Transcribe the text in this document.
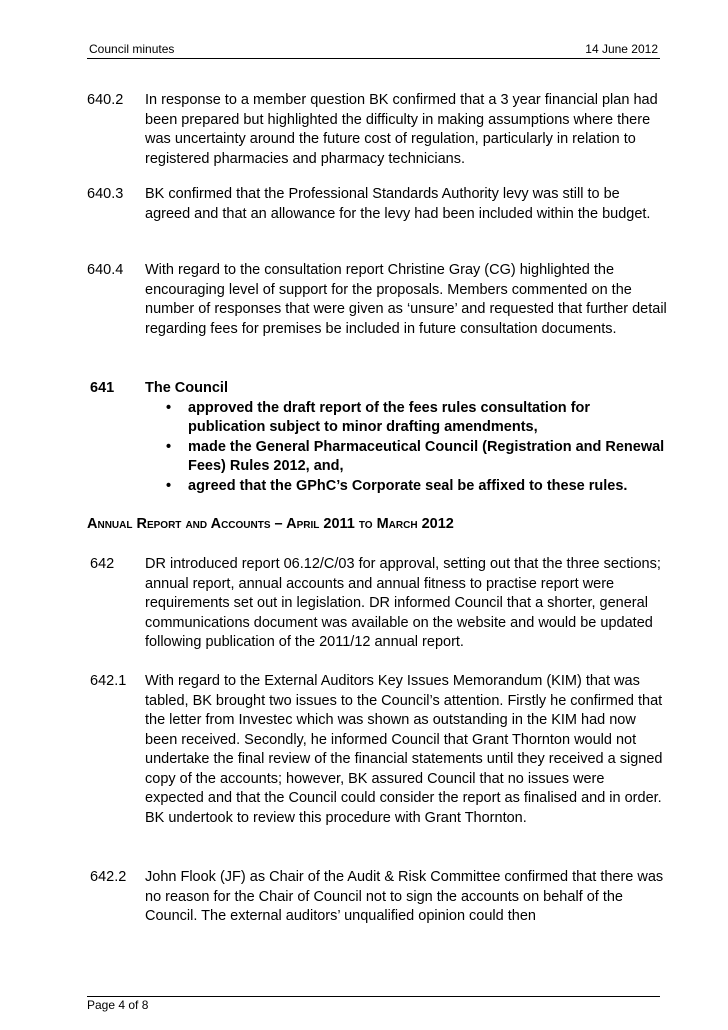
Council minutes	14 June 2012
640.2 In response to a member question BK confirmed that a 3 year financial plan had been prepared but highlighted the difficulty in making assumptions where there was uncertainty around the future cost of regulation, particularly in relation to registered pharmacies and pharmacy technicians.
640.3 BK confirmed that the Professional Standards Authority levy was still to be agreed and that an allowance for the levy had been included within the budget.
640.4 With regard to the consultation report Christine Gray (CG) highlighted the encouraging level of support for the proposals. Members commented on the number of responses that were given as ‘unsure’ and requested that further detail regarding fees for premises be included in future consultation documents.
641 The Council
• approved the draft report of the fees rules consultation for publication subject to minor drafting amendments,
• made the General Pharmaceutical Council (Registration and Renewal Fees) Rules 2012, and,
• agreed that the GPhC’s Corporate seal be affixed to these rules.
Annual Report and Accounts – April 2011 to March 2012
642 DR introduced report 06.12/C/03 for approval, setting out that the three sections; annual report, annual accounts and annual fitness to practise report were requirements set out in legislation. DR informed Council that a shorter, general communications document was available on the website and would be updated following publication of the 2011/12 annual report.
642.1 With regard to the External Auditors Key Issues Memorandum (KIM) that was tabled, BK brought two issues to the Council’s attention. Firstly he confirmed that the letter from Investec which was shown as outstanding in the KIM had now been received. Secondly, he informed Council that Grant Thornton would not undertake the final review of the financial statements until they received a signed copy of the accounts; however, BK assured Council that no issues were expected and that the Council could consider the report as finalised and in order. BK undertook to review this procedure with Grant Thornton.
642.2 John Flook (JF) as Chair of the Audit & Risk Committee confirmed that there was no reason for the Chair of Council not to sign the accounts on behalf of the Council. The external auditors’ unqualified opinion could then
Page 4 of 8
